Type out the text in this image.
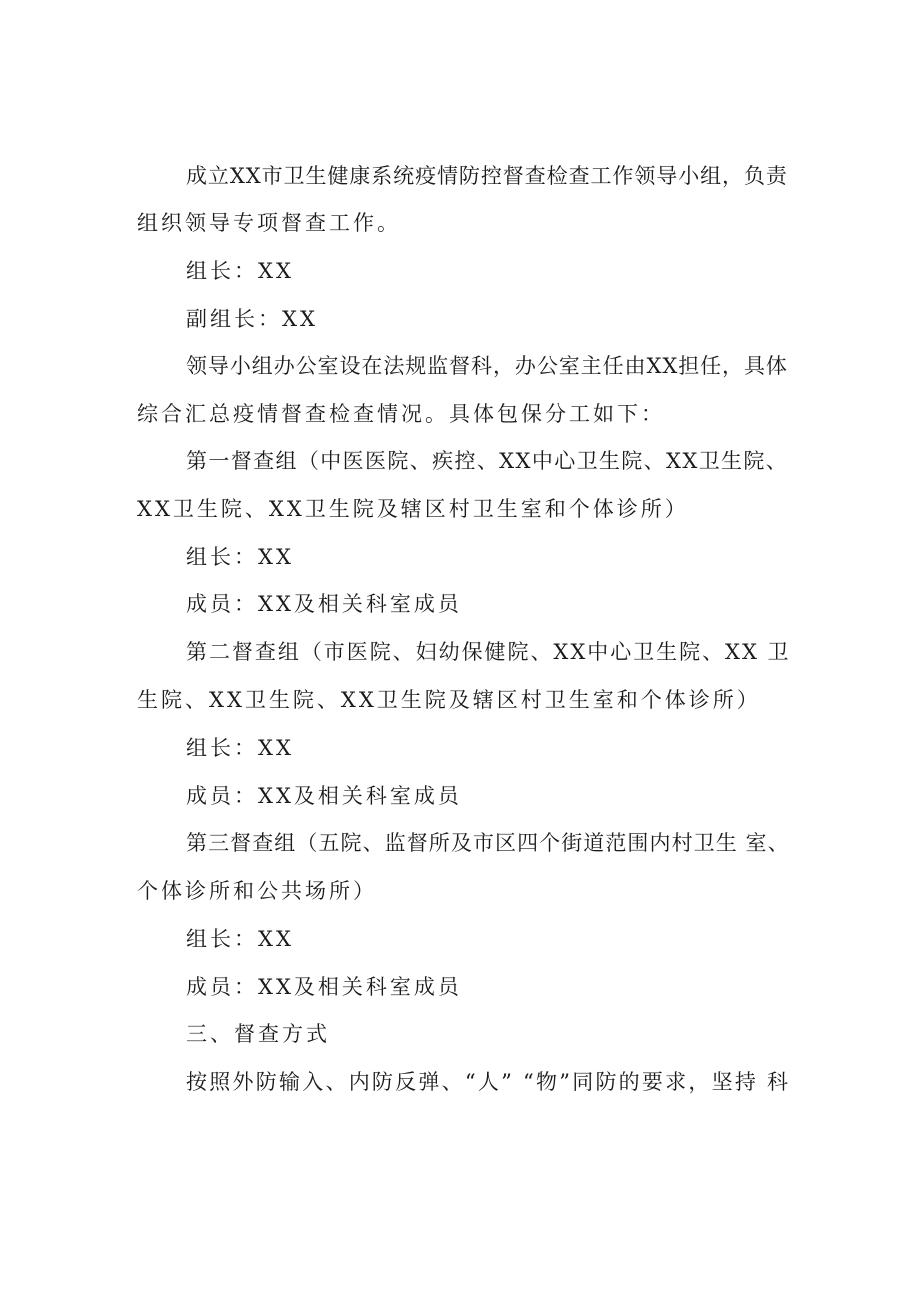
成立XX市卫生健康系统疫情防控督查检查工作领导小组，负责
组织领导专项督查工作。
组长：XX
副组长：XX
领导小组办公室设在法规监督科，办公室主任由XX担任，具体
综合汇总疫情督查检查情况。具体包保分工如下：
第一督查组（中医医院、疾控、XX中心卫生院、XX卫生院、
XX卫生院、XX卫生院及辖区村卫生室和个体诊所）
组长：XX
成员：XX及相关科室成员
第二督查组（市医院、妇幼保健院、XX中心卫生院、XX 卫
生院、XX卫生院、XX卫生院及辖区村卫生室和个体诊所）
组长：XX
成员：XX及相关科室成员
第三督查组（五院、监督所及市区四个街道范围内村卫生 室、
个体诊所和公共场所）
组长：XX
成员：XX及相关科室成员
三、督查方式
按照外防输入、内防反弹、“人” “物”同防的要求，坚持 科
